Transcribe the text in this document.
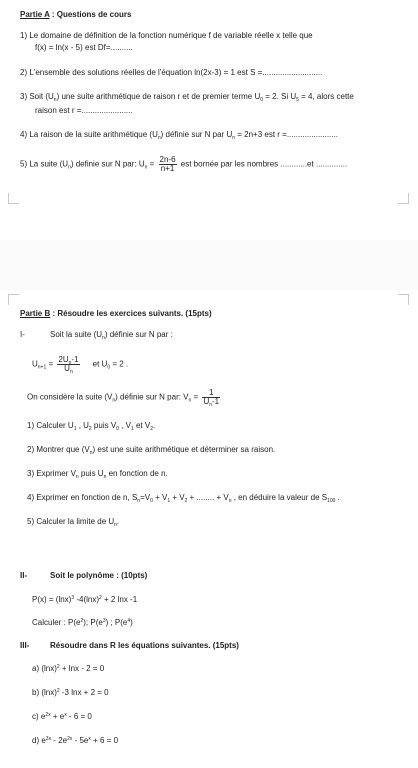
Partie A : Questions de cours
1) Le domaine de définition de la fonction numérique f de variable réelle x telle que
f(x) = ln(x - 5) est Df=..........
2) L'ensemble des solutions réelles de l'équation ln(2x-3) = 1 est S =...........................
3) Soit $(U_n)$ une suite arithmétique de raison r et de premier terme $U_0 = 2$. Si $U_5 = 4$, alors cette
raison est r =.......................
4) La raison de la suite arithmétique $(U_n)$ définie sur N par $U_n = 2n+3$ est r =.......................
5) La suite $(U_n)$ definie sur N par: $U_n = \frac{2n-6}{n+1}$ est bornée par les nombres ............et ..............
Partie B : Résoudre les exercices suivants. (15pts)
I-	Soit la suite $(U_n)$ définie sur N par :
$U_{n+1} = \frac{2U_n-1}{U_n}$ et $U_0 = 2$ .
On considère la suite $(V_n)$ définie sur N par: $V_n = \frac{1}{U_n-1}$
1) Calculer $U_1$ , $U_2$ puis $V_0$ , $V_1$ et $V_2$.
2) Montrer que $(V_n)$ est une suite arithmétique et déterminer sa raison.
3) Exprimer $V_n$ puis $U_n$ en fonction de n.
4) Exprimer en fonction de n, $S_n=V_0 + V_1 + V_2$ + ........ + $V_n$ , en déduire la valeur de $S_{100}$ .
5) Calculer la limite de $U_n$.
II-	Soit le polynôme : (10pts)
$P(x) = (\ln x)^3$ $-4(\ln x)^2 + 2$ lnx -1
Calculer : $P(e^2)$; $P(e^3)$ ; $P(e^4)$
III-	Résoudre dans R les équations suivantes. (15pts)
a) $(\ln x)^2 + \ln x - 2 = 0$
b) $(\ln x)^2$ -3 lnx + 2 = 0
c) $e^{2x} + e^x - 6 = 0$
d) $e^{3x} - 2e^{2x} - 5e^x + 6 = 0$
